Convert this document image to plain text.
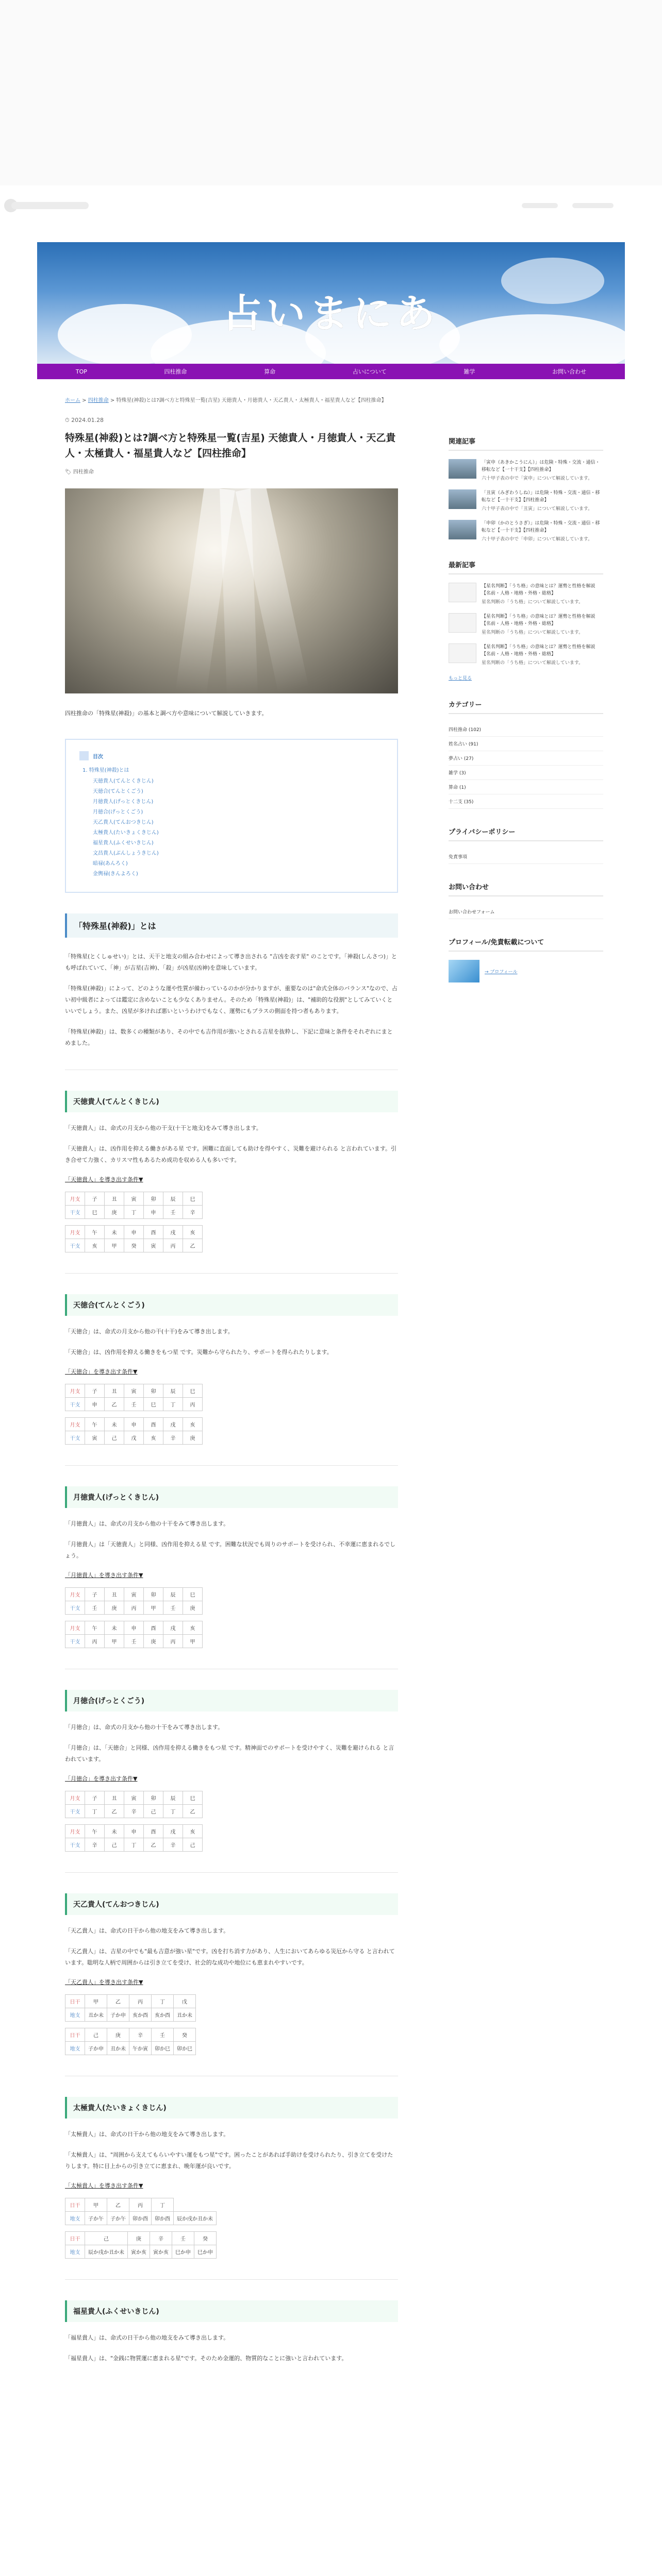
占いまにあ
TOP	四柱推命	算命	占いについて	雑学	お問い合わせ
ホーム > 四柱推命 > 特殊星(神殺)とは?調べ方と特殊星一覧(吉星) 天徳貴人・月徳貴人・天乙貴人・太極貴人・福星貴人など【四柱推命】
⏱ 2024.01.28
特殊星(神殺)とは?調べ方と特殊星一覧(吉星) 天徳貴人・月徳貴人・天乙貴人・太極貴人・福星貴人など【四柱推命】
🏷 四柱推命

四柱推命の「特殊星(神殺)」の基本と調べ方や意味について解説していきます。

目次
1. 特殊星(神殺)とは
天徳貴人(てんとくきじん)
天徳合(てんとくごう)
月徳貴人(げっとくきじん)
月徳合(げっとくごう)
天乙貴人(てんおつきじん)
太極貴人(たいきょくきじん)
福星貴人(ふくせいきじん)
文昌貴人(ぶんしょうきじん)
暗禄(あんろく)
金輿禄(きんよろく)
「特殊星(神殺)」とは

「特殊星(とくしゅせい)」とは、天干と地支の組み合わせによって導き出される "吉凶を表す星" のことです。「神殺(しんさつ)」とも呼ばれていて、「神」が吉星(吉神)、「殺」が凶星(凶神)を意味しています。

「特殊星(神殺)」によって、どのような運や性質が備わっているのかが分かりますが、重要なのは"命式全体のバランス"なので、占い初中級者によっては鑑定に含めないことも少なくありません。そのため「特殊星(神殺)」は、"補助的な役割"としてみていくといいでしょう。また、凶星が多ければ悪いというわけでもなく、運勢にもプラスの側面を持つ者もあります。

「特殊星(神殺)」は、数多くの種類があり、その中でも吉作用が強いとされる吉星を抜粋し、下記に意味と条件をそれぞれにまとめました。

天徳貴人(てんとくきじん)

「天徳貴人」は、命式の月支から他の干支(十干と地支)をみて導き出します。

「天徳貴人」は、凶作用を抑える働きがある星 です。困難に直面しても助けを得やすく、災難を避けられる と言われています。引き合せて力強く、カリスマ性もあるため成功を収める人も多いです。

「天徳貴人」を導き出す条件▼
月支	子	丑	寅	卯	辰	巳
干支	巳	庚	丁	申	壬	辛
月支	午	未	申	酉	戌	亥
干支	亥	甲	癸	寅	丙	乙
天徳合(てんとくごう)

「天徳合」は、命式の月支から他の干(十干)をみて導き出します。

「天徳合」は、凶作用を抑える働きをもつ星 です。災難から守られたり、サポートを得られたりします。

「天徳合」を導き出す条件▼
月支	子	丑	寅	卯	辰	巳
干支	申	乙	壬	巳	丁	丙
月支	午	未	申	酉	戌	亥
干支	寅	己	戊	亥	辛	庚
月徳貴人(げっとくきじん)

「月徳貴人」は、命式の月支から他の十干をみて導き出します。

「月徳貴人」は「天徳貴人」と同様、凶作用を抑える星 です。困難な状況でも周りのサポートを受けられ、不幸運に恵まれるでしょう。

「月徳貴人」を導き出す条件▼
月支	子	丑	寅	卯	辰	巳
干支	壬	庚	丙	甲	壬	庚
月支	午	未	申	酉	戌	亥
干支	丙	甲	壬	庚	丙	甲
月徳合(げっとくごう)

「月徳合」は、命式の月支から他の十干をみて導き出します。

「月徳合」は、「天徳合」と同様、凶作用を抑える働きをもつ星 です。精神面でのサポートを受けやすく、災難を避けられる と言われています。

「月徳合」を導き出す条件▼
月支	子	丑	寅	卯	辰	巳
干支	丁	乙	辛	己	丁	乙
月支	午	未	申	酉	戌	亥
干支	辛	己	丁	乙	辛	己
天乙貴人(てんおつきじん)

「天乙貴人」は、命式の日干から他の地支をみて導き出します。

「天乙貴人」は、吉星の中でも"最も吉意が強い星"です。凶を打ち消す力があり、人生においてあらゆる災厄から守る と言われています。聡明な人柄で周囲からは引き立てを受け、社会的な成功や地位にも恵まれやすいです。

「天乙貴人」を導き出す条件▼
日干	甲	乙	丙	丁	戊
地支	丑か未	子か申	亥か酉	亥か酉	丑か未
日干	己	庚	辛	壬	癸
地支	子か申	丑か未	午か寅	卯か巳	卯か巳
太極貴人(たいきょくきじん)

「太極貴人」は、命式の日干から他の地支をみて導き出します。

「太極貴人」は、"周囲から支えてもらいやすい運をもつ星"です。困ったことがあれば手助けを受けられたり、引き立てを受けたりします。特に目上からの引き立てに恵まれ、晩年運が良いです。

「太極貴人」を導き出す条件▼
日干	甲	乙	丙	丁	
地支	子か午	子か午	卯か酉	卯か酉	辰か戌か丑か未
日干	己	庚	辛	壬	癸
地支	辰か戌か丑か未	寅か亥	寅か亥	巳か申	巳か申
福星貴人(ふくせいきじん)

「福星貴人」は、命式の日干から他の地支をみて導き出します。

「福星貴人」は、"金銭に物質運に恵まれる星"です。そのため金運的、物質的なことに強いと言われています。

関連記事
「寅申（あきかこうにん）」は危険・特殊・交流・通信・移転など【一十干支】【四柱推命】
六十甲子表の中で「寅申」について解説しています。
「丑寅（みぎわうしね）」は危険・特殊・交流・通信・移転など【一十干支】【四柱推命】
六十甲子表の中で「丑寅」について解説しています。
「申卯（かのとうさぎ）」は危険・特殊・交流・通信・移転など【一十干支】【四柱推命】
六十甲子表の中で「申卯」について解説しています。
最新記事
【星名判断】「うち格」の意味とは？運勢と性格を解説【名前・人格・地格・外格・総格】
星名判断の「うち格」について解説しています。
【星名判断】「うち格」の意味とは？運勢と性格を解説【名前・人格・地格・外格・総格】
星名判断の「うち格」について解説しています。
【星名判断】「うち格」の意味とは？運勢と性格を解説【名前・人格・地格・外格・総格】
星名判断の「うち格」について解説しています。
もっと見る
カテゴリー
四柱推命 (102)
姓名占い (91)
夢占い (27)
雑学 (3)
算命 (1)
十二支 (35)
プライバシーポリシー
免責事項
お問い合わせ
お問い合わせフォーム
プロフィール/免責転載について
→ プロフィール
